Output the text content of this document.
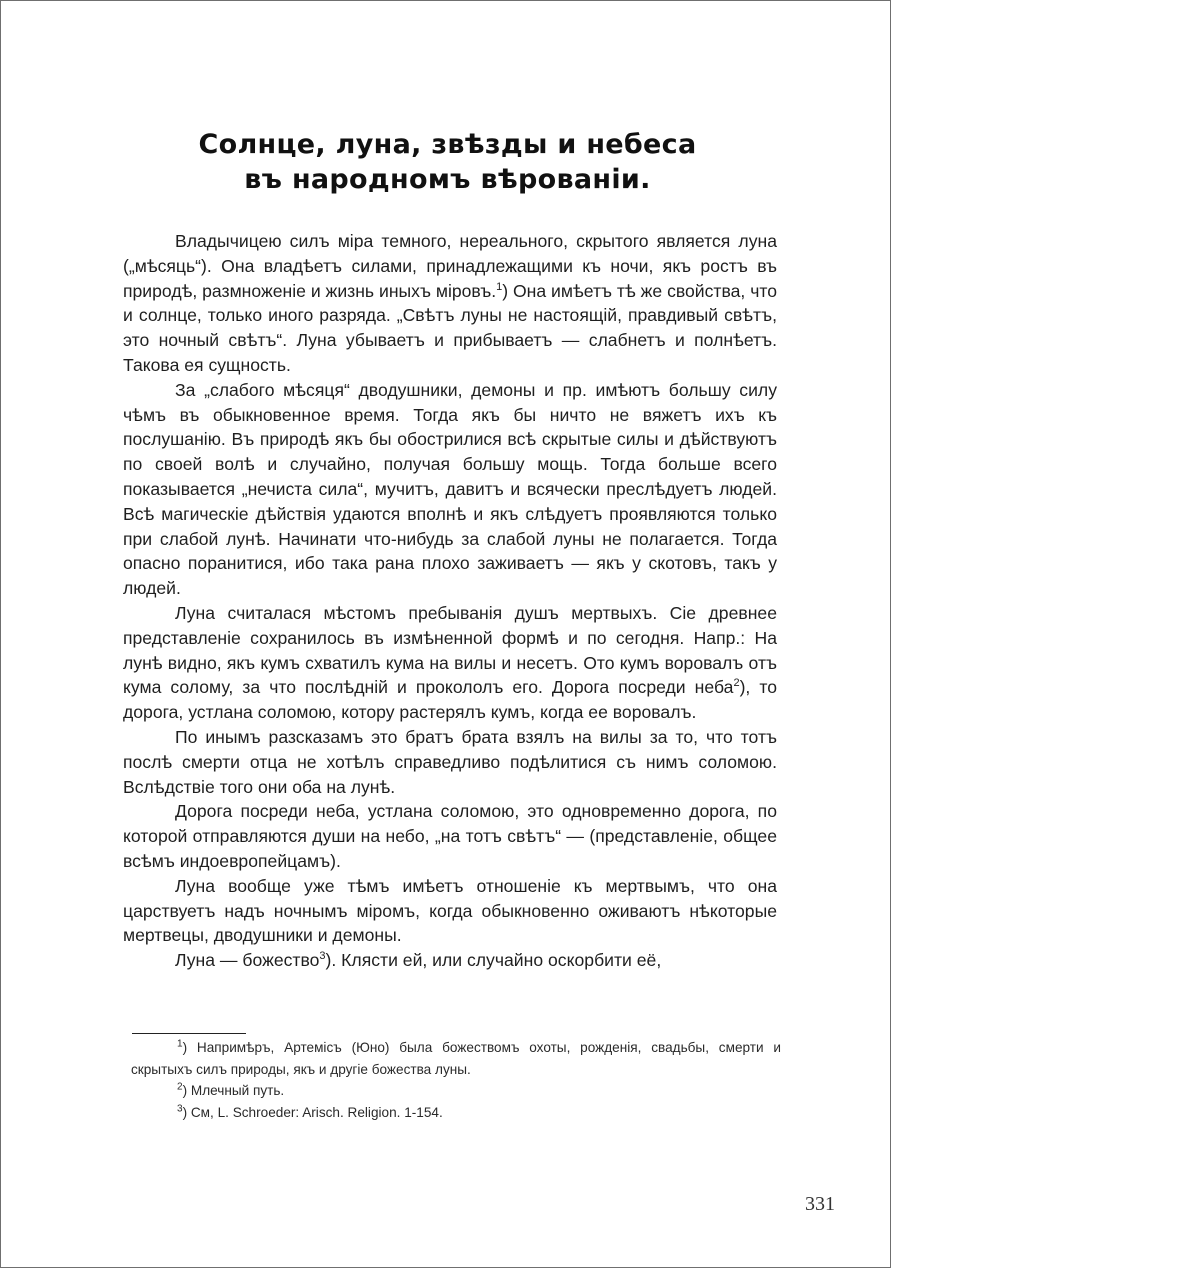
Солнце, луна, звѣзды и небеса
въ народномъ вѣрованіи.

Владычицею силъ міра темного, нереального, скрытого является луна („мѣсяць“). Она владѣетъ силами, принадлежащими къ ночи, якъ ростъ въ природѣ, размноженіе и жизнь иныхъ міровъ.$^1$) Она имѣетъ тѣ же свойства, что и солнце, только иного разряда. „Свѣтъ луны не настоящій, правдивый свѣтъ, это ночный свѣтъ“. Луна убываетъ и прибываетъ — слабнетъ и полнѣетъ. Такова ея сущность.

За „слабого мѣсяця“ дводушники, демоны и пр. имѣютъ большу силу чѣмъ въ обыкновенное время. Тогда якъ бы ничто не вяжетъ ихъ къ послушанію. Въ природѣ якъ бы обострилися всѣ скрытые силы и дѣйствуютъ по своей волѣ и случайно, получая большу мощь. Тогда больше всего показывается „нечиста сила“, мучитъ, давитъ и всячески преслѣдуетъ людей. Всѣ магическіе дѣйствія удаются вполнѣ и якъ слѣдуетъ проявляются только при слабой лунѣ. Начинати что-нибудь за слабой луны не полагается. Тогда опасно поранитися, ибо така рана плохо заживаетъ — якъ у скотовъ, такъ у людей.

Луна считалася мѣстомъ пребыванія душъ мертвыхъ. Сіе древнее представленіе сохранилось въ измѣненной формѣ и по сегодня. Напр.: На лунѣ видно, якъ кумъ схватилъ кума на вилы и несетъ. Ото кумъ воровалъ отъ кума солому, за что послѣдній и прокололъ его. Дорога посреди неба$^2$), то дорога, устлана соломою, котору растерялъ кумъ, когда ее воровалъ.

По инымъ разсказамъ это братъ брата взялъ на вилы за то, что тотъ послѣ смерти отца не хотѣлъ справедливо подѣлитися съ нимъ соломою. Вслѣдствіе того они оба на лунѣ.

Дорога посреди неба, устлана соломою, это одновременно дорога, по которой отправляются души на небо, „на тотъ свѣтъ“ — (представленіе, общее всѣмъ индоевропейцамъ).

Луна вообще уже тѣмъ имѣетъ отношеніе къ мертвымъ, что она царствуетъ надъ ночнымъ міромъ, когда обыкновенно оживаютъ нѣкоторые мертвецы, дводушники и демоны.

Луна — божество$^3$). Клясти ей, или случайно оскорбити её,

$^1$) Напримѣръ, Артемісъ (Юно) была божествомъ охоты, рожденія, свадьбы, смерти и скрытыхъ силъ природы, якъ и другіе божества луны.

$^2$) Млечный путь.

$^3$) См, L. Schroeder: Arisch. Religion. 1-154.

331
